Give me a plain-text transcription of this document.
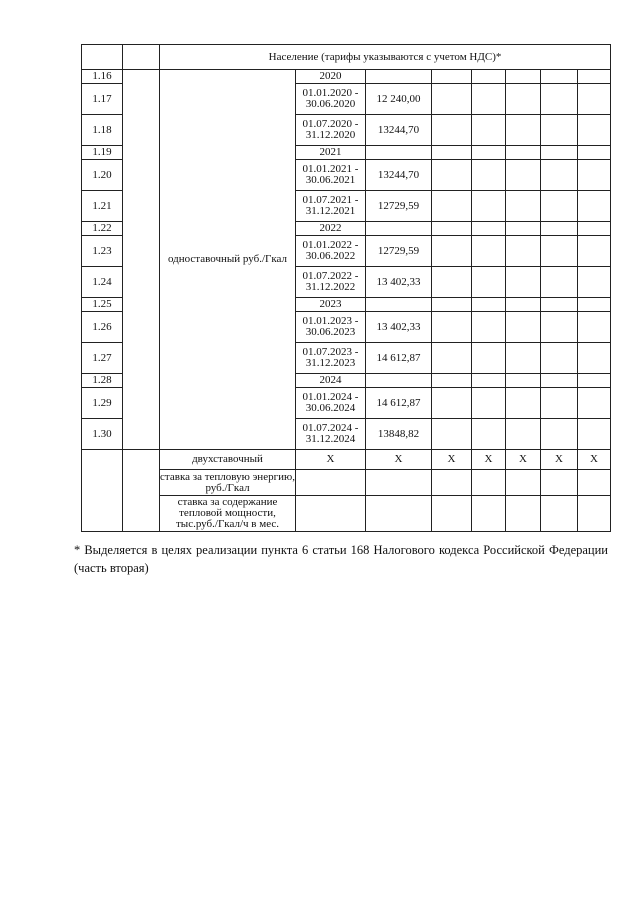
		Население (тарифы указываются с учетом НДС)*							
1.16		одноставочный руб./Гкал	2020						
1.17			01.01.2020 - 30.06.2020	12 240,00					
1.18			01.07.2020 - 31.12.2020	13244,70					
1.19			2021						
1.20			01.01.2021 - 30.06.2021	13244,70					
1.21			01.07.2021 - 31.12.2021	12729,59					
1.22			2022						
1.23			01.01.2022 - 30.06.2022	12729,59					
1.24			01.07.2022 - 31.12.2022	13 402,33					
1.25			2023						
1.26			01.01.2023 - 30.06.2023	13 402,33					
1.27			01.07.2023 - 31.12.2023	14 612,87					
1.28			2024						
1.29			01.01.2024 - 30.06.2024	14 612,87					
1.30			01.07.2024 - 31.12.2024	13848,82					
		двухставочный	X	X	X	X	X	X	X
		ставка за тепловую энергию, руб./Гкал							
		ставка за содержание тепловой мощности, тыс.руб./Гкал/ч в мес.							

* Выделяется в целях реализации пункта 6 статьи 168 Налогового кодекса Российской Федерации (часть вторая)
